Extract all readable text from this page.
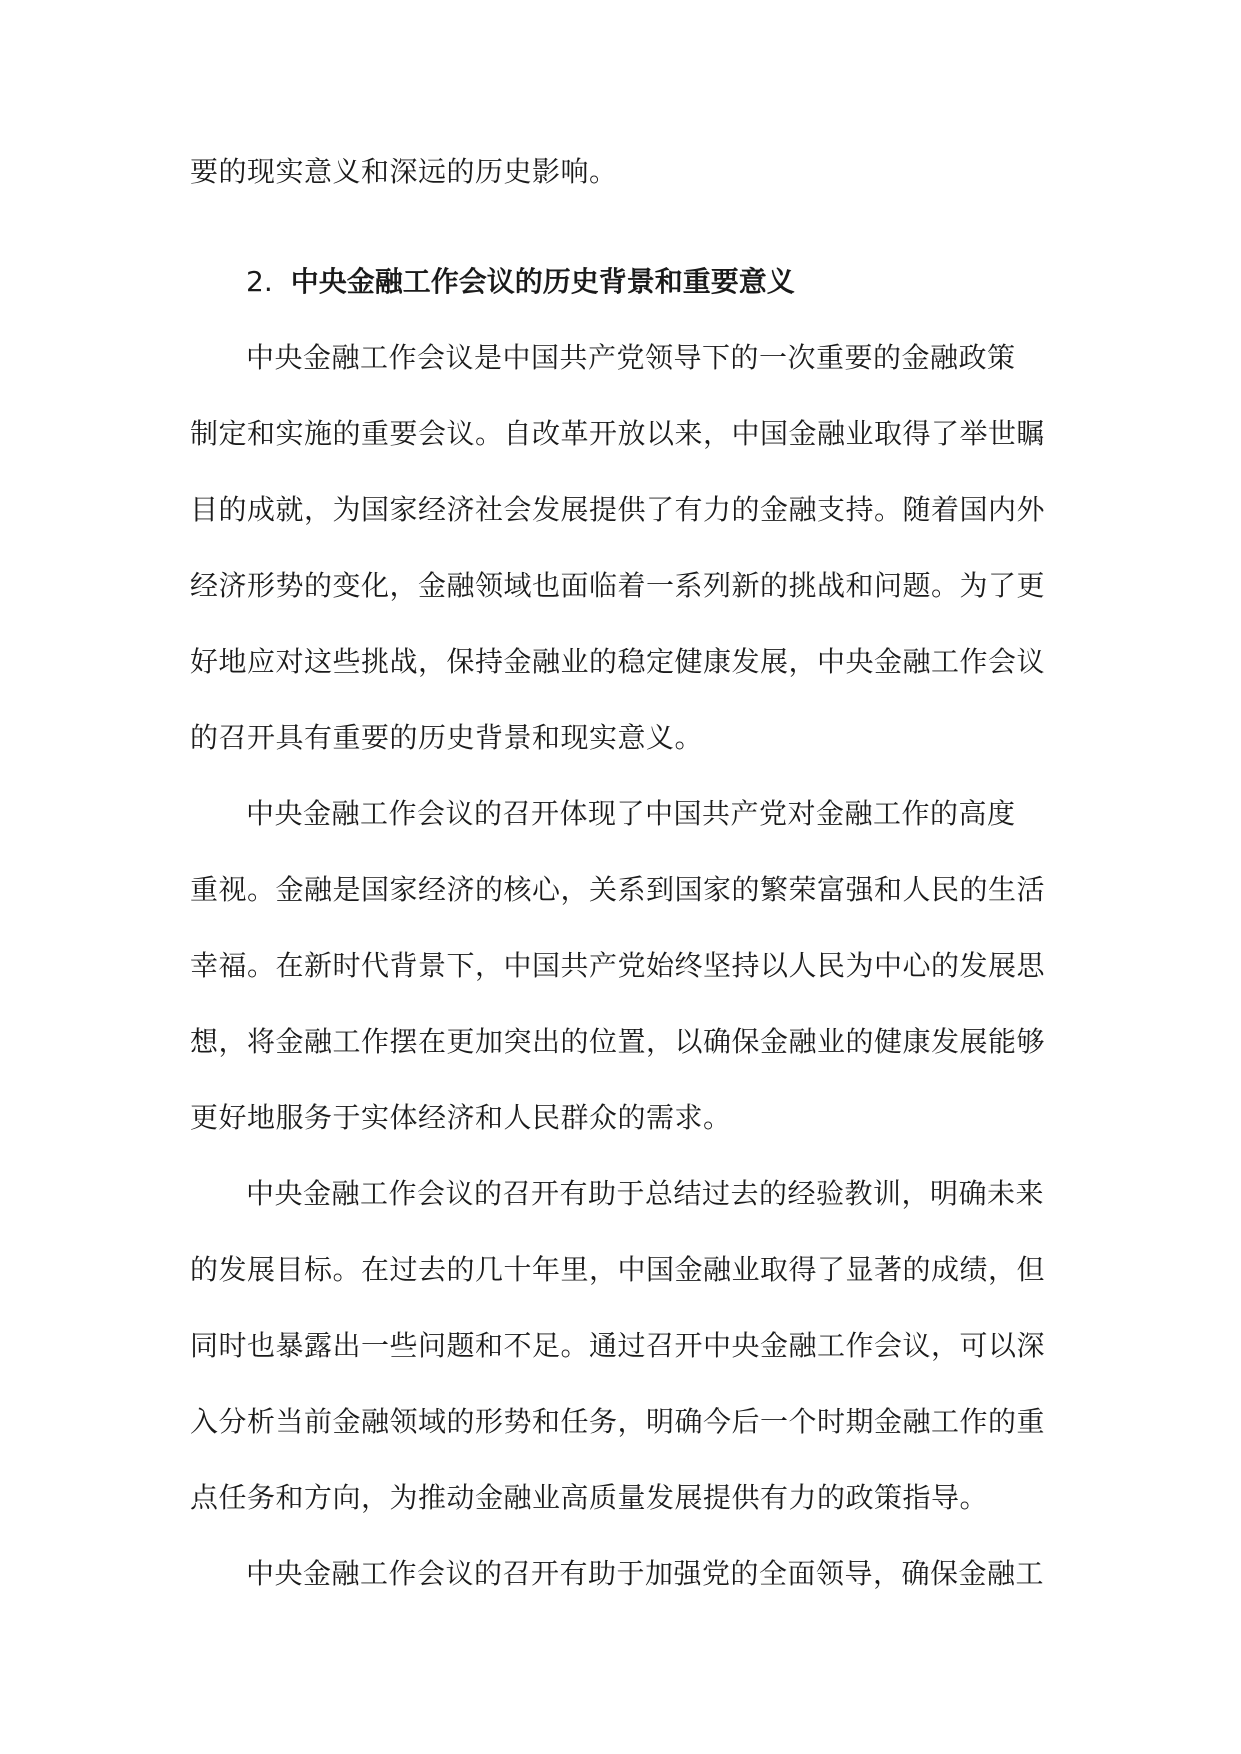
要的现实意义和深远的历史影响。
2. 中央金融工作会议的历史背景和重要意义
中央金融工作会议是中国共产党领导下的一次重要的金融政策
制定和实施的重要会议。自改革开放以来，中国金融业取得了举世瞩
目的成就，为国家经济社会发展提供了有力的金融支持。随着国内外
经济形势的变化，金融领域也面临着一系列新的挑战和问题。为了更
好地应对这些挑战，保持金融业的稳定健康发展，中央金融工作会议
的召开具有重要的历史背景和现实意义。
中央金融工作会议的召开体现了中国共产党对金融工作的高度
重视。金融是国家经济的核心，关系到国家的繁荣富强和人民的生活
幸福。在新时代背景下，中国共产党始终坚持以人民为中心的发展思
想，将金融工作摆在更加突出的位置，以确保金融业的健康发展能够
更好地服务于实体经济和人民群众的需求。
中央金融工作会议的召开有助于总结过去的经验教训，明确未来
的发展目标。在过去的几十年里，中国金融业取得了显著的成绩，但
同时也暴露出一些问题和不足。通过召开中央金融工作会议，可以深
入分析当前金融领域的形势和任务，明确今后一个时期金融工作的重
点任务和方向，为推动金融业高质量发展提供有力的政策指导。
中央金融工作会议的召开有助于加强党的全面领导，确保金融工
